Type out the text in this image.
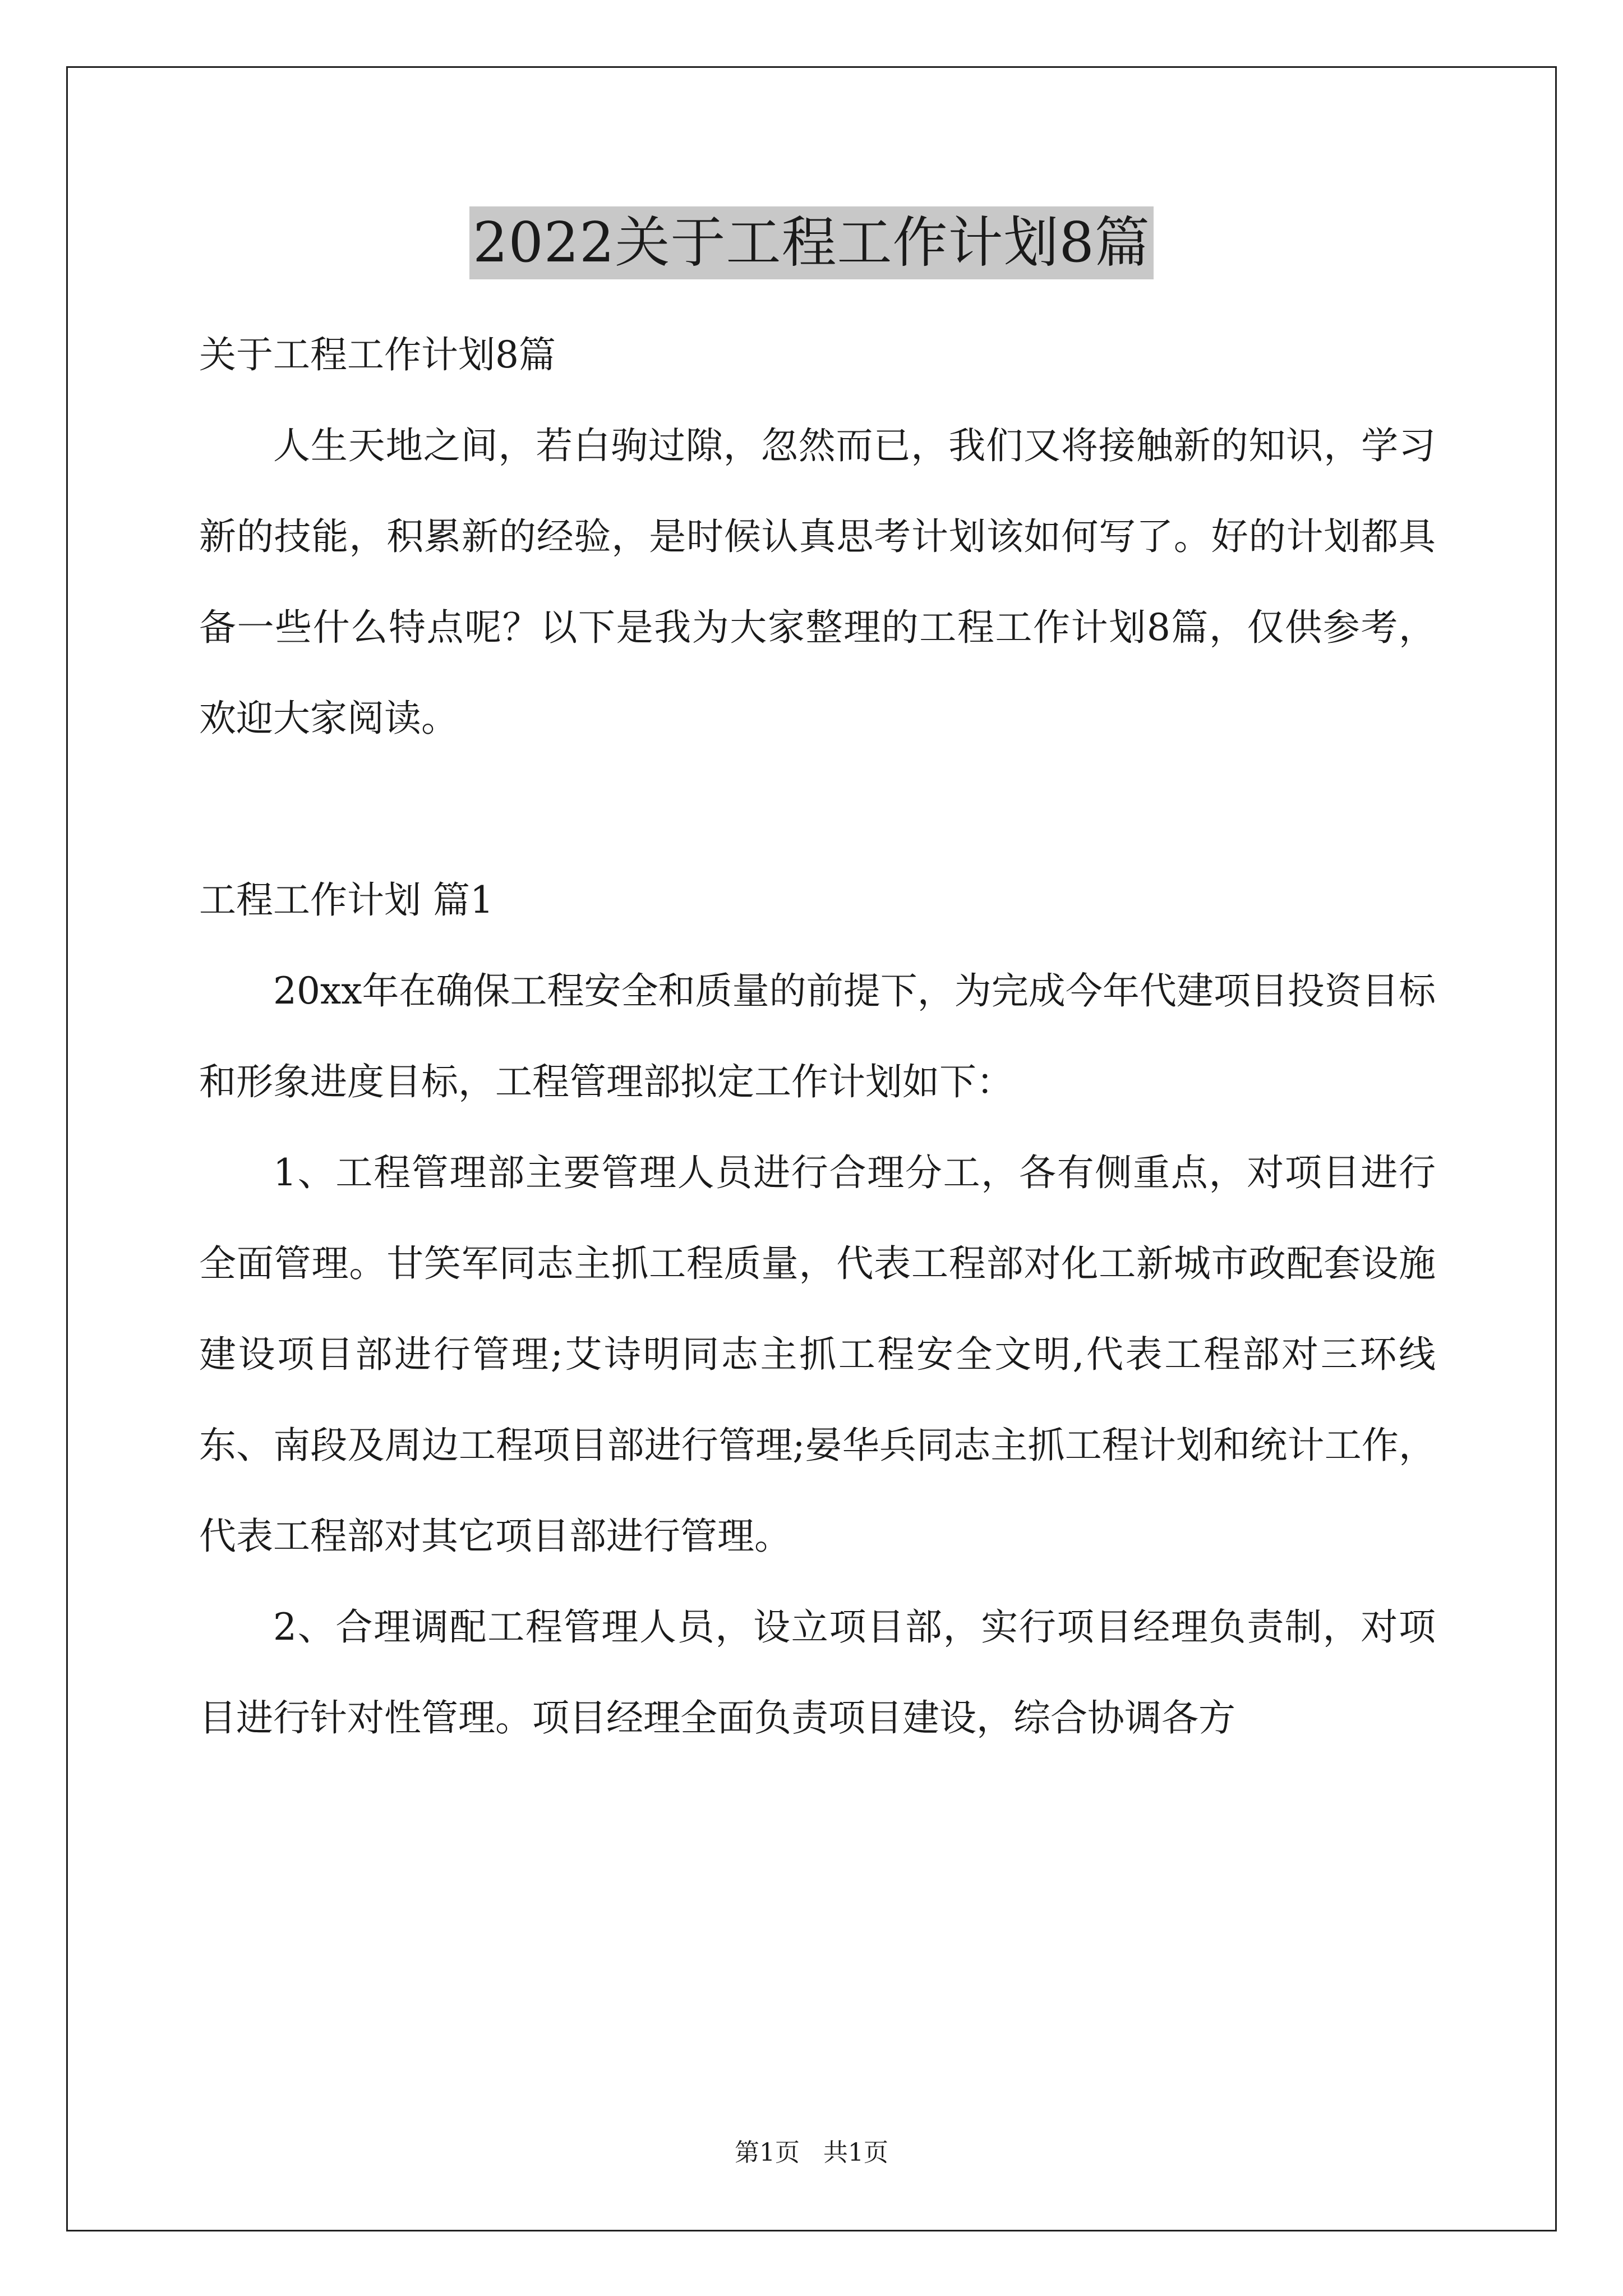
2022关于工程工作计划8篇

关于工程工作计划8篇

人生天地之间，若白驹过隙，忽然而已，我们又将接触新的知识，学习新的技能，积累新的经验，是时候认真思考计划该如何写了。好的计划都具备一些什么特点呢？以下是我为大家整理的工程工作计划8篇，仅供参考，欢迎大家阅读。

工程工作计划 篇1

20xx年在确保工程安全和质量的前提下，为完成今年代建项目投资目标和形象进度目标，工程管理部拟定工作计划如下：

1、工程管理部主要管理人员进行合理分工，各有侧重点，对项目进行全面管理。甘笑军同志主抓工程质量，代表工程部对化工新城市政配套设施建设项目部进行管理;艾诗明同志主抓工程安全文明,代表工程部对三环线东、南段及周边工程项目部进行管理;晏华兵同志主抓工程计划和统计工作，代表工程部对其它项目部进行管理。

2、合理调配工程管理人员，设立项目部，实行项目经理负责制，对项目进行针对性管理。项目经理全面负责项目建设，综合协调各方

第1页   共1页
